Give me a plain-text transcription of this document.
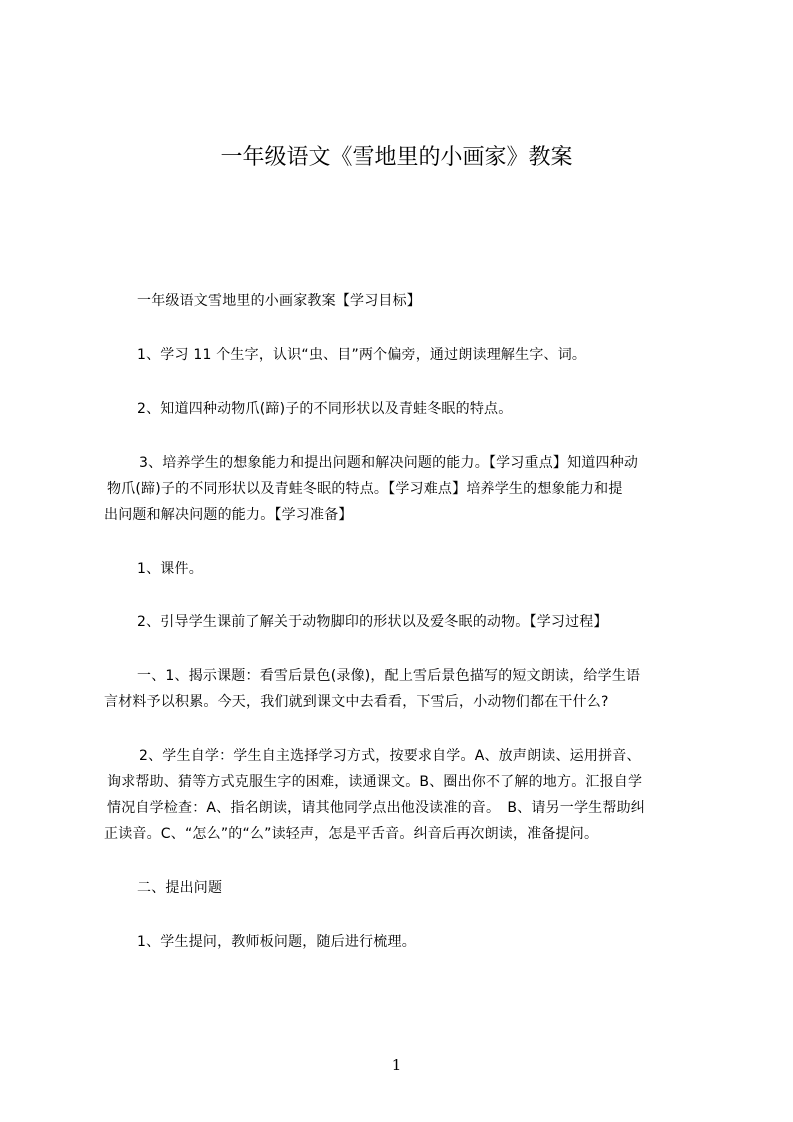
一年级语文《雪地里的小画家》教案
一年级语文雪地里的小画家教案【学习目标】
1、学习 11 个生字，认识“虫、目”两个偏旁，通过朗读理解生字、词。
2、知道四种动物爪(蹄)子的不同形状以及青蛙冬眠的特点。
3、培养学生的想象能力和提出问题和解决问题的能力。【学习重点】知道四种动
物爪(蹄)子的不同形状以及青蛙冬眠的特点。【学习难点】培养学生的想象能力和提
出问题和解决问题的能力。【学习准备】
1、课件。
2、引导学生课前了解关于动物脚印的形状以及爱冬眠的动物。【学习过程】
一、1、揭示课题：看雪后景色(录像)，配上雪后景色描写的短文朗读，给学生语
言材料予以积累。今天，我们就到课文中去看看，下雪后，小动物们都在干什么?
2、学生自学：学生自主选择学习方式，按要求自学。A、放声朗读、运用拼音、
询求帮助、猜等方式克服生字的困难，读通课文。B、圈出你不了解的地方。汇报自学
情况自学检查：A、指名朗读，请其他同学点出他没读准的音。　B、请另一学生帮助纠
正读音。C、“怎么”的“么”读轻声，怎是平舌音。纠音后再次朗读，准备提问。
二、提出问题
1、学生提问，教师板问题，随后进行梳理。
1
